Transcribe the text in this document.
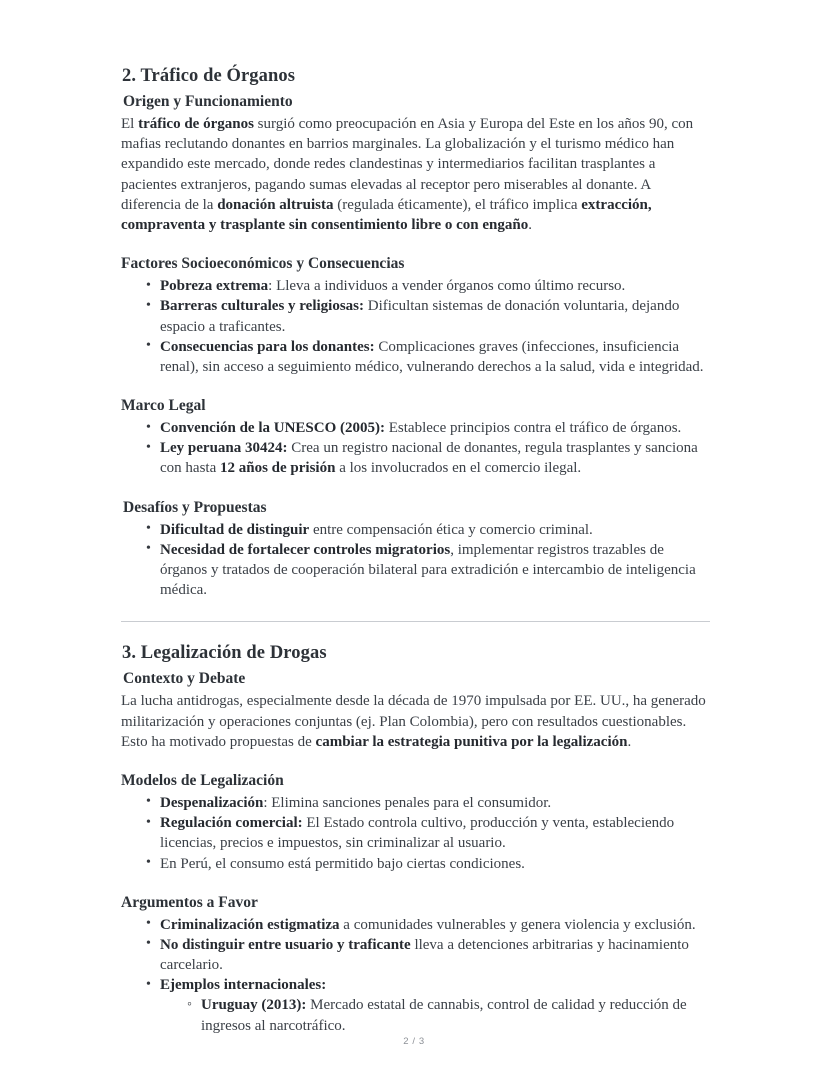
2. Tráfico de Órganos
Origen y Funcionamiento

El tráfico de órganos surgió como preocupación en Asia y Europa del Este en los años 90, con mafias reclutando donantes en barrios marginales. La globalización y el turismo médico han expandido este mercado, donde redes clandestinas y intermediarios facilitan trasplantes a pacientes extranjeros, pagando sumas elevadas al receptor pero miserables al donante. A diferencia de la donación altruista (regulada éticamente), el tráfico implica extracción, compraventa y trasplante sin consentimiento libre o con engaño.

Factores Socioeconómicos y Consecuencias
• Pobreza extrema: Lleva a individuos a vender órganos como último recurso.
• Barreras culturales y religiosas: Dificultan sistemas de donación voluntaria, dejando espacio a traficantes.
• Consecuencias para los donantes: Complicaciones graves (infecciones, insuficiencia renal), sin acceso a seguimiento médico, vulnerando derechos a la salud, vida e integridad.
Marco Legal
• Convención de la UNESCO (2005): Establece principios contra el tráfico de órganos.
• Ley peruana 30424: Crea un registro nacional de donantes, regula trasplantes y sanciona con hasta 12 años de prisión a los involucrados en el comercio ilegal.
Desafíos y Propuestas
• Dificultad de distinguir entre compensación ética y comercio criminal.
• Necesidad de fortalecer controles migratorios, implementar registros trazables de órganos y tratados de cooperación bilateral para extradición e intercambio de inteligencia médica.
3. Legalización de Drogas
Contexto y Debate

La lucha antidrogas, especialmente desde la década de 1970 impulsada por EE. UU., ha generado militarización y operaciones conjuntas (ej. Plan Colombia), pero con resultados cuestionables. Esto ha motivado propuestas de cambiar la estrategia punitiva por la legalización.

Modelos de Legalización
• Despenalización: Elimina sanciones penales para el consumidor.
• Regulación comercial: El Estado controla cultivo, producción y venta, estableciendo licencias, precios e impuestos, sin criminalizar al usuario.
• En Perú, el consumo está permitido bajo ciertas condiciones.
Argumentos a Favor
• Criminalización estigmatiza a comunidades vulnerables y genera violencia y exclusión.
• No distinguir entre usuario y traficante lleva a detenciones arbitrarias y hacinamiento carcelario.
• Ejemplos internacionales:
◦ Uruguay (2013): Mercado estatal de cannabis, control de calidad y reducción de ingresos al narcotráfico.
2 / 3
